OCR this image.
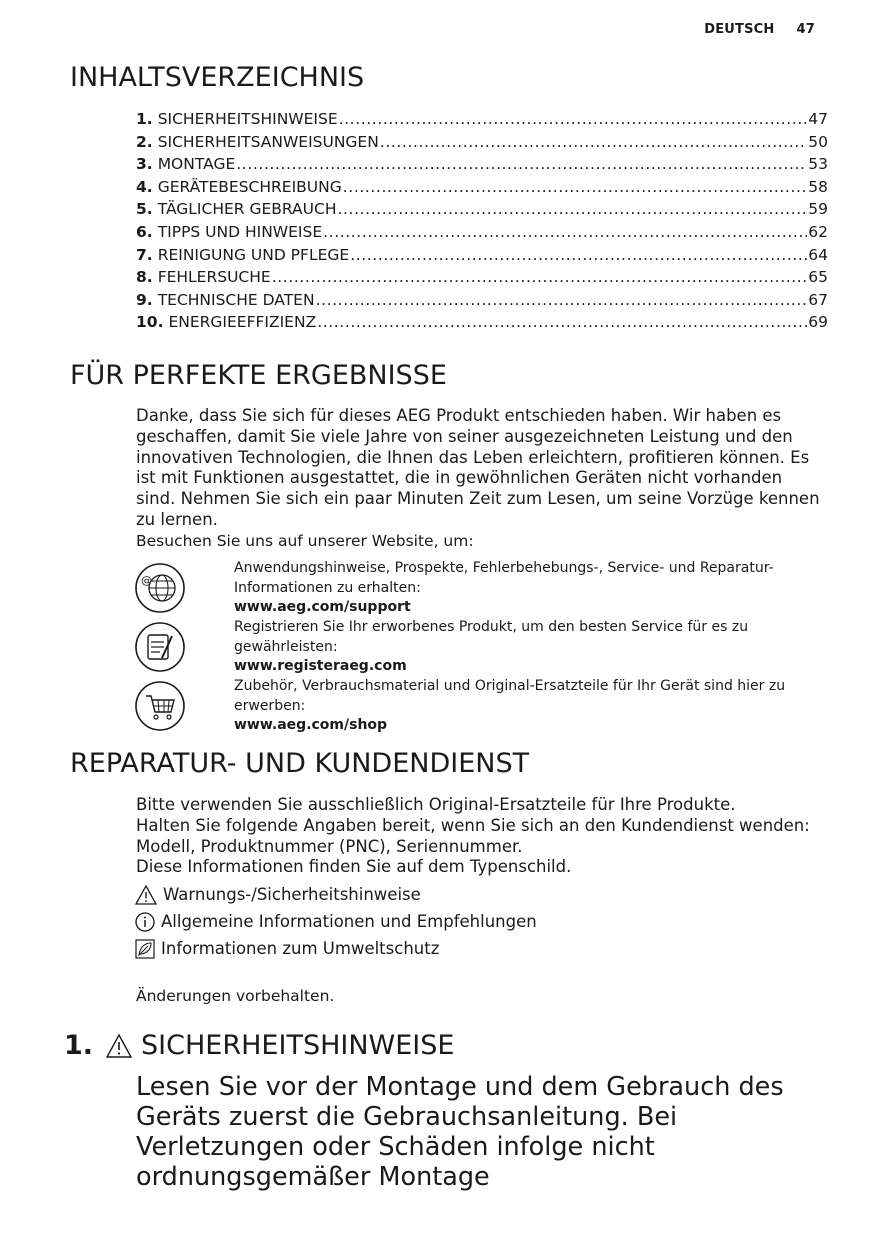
DEUTSCH 47
INHALTSVERZEICHNIS
1. SICHERHEITSHINWEISE .....	47
2. SICHERHEITSANWEISUNGEN .....	50
3. MONTAGE .....	53
4. GERÄTEBESCHREIBUNG .....	58
5. TÄGLICHER GEBRAUCH .....	59
6. TIPPS UND HINWEISE .....	62
7. REINIGUNG UND PFLEGE .....	64
8. FEHLERSUCHE .....	65
9. TECHNISCHE DATEN .....	67
10. ENERGIEEFFIZIENZ .....	69
FÜR PERFEKTE ERGEBNISSE

Danke, dass Sie sich für dieses AEG Produkt entschieden haben. Wir haben es geschaffen, damit Sie viele Jahre von seiner ausgezeichneten Leistung und den innovativen Technologien, die Ihnen das Leben erleichtern, profitieren können. Es ist mit Funktionen ausgestattet, die in gewöhnlichen Geräten nicht vorhanden sind. Nehmen Sie sich ein paar Minuten Zeit zum Lesen, um seine Vorzüge kennen zu lernen.

Besuchen Sie uns auf unserer Website, um:

@
Anwendungshinweise, Prospekte, Fehlerbehebungs-, Service- und Reparatur-Informationen zu erhalten:
www.aeg.com/support
Registrieren Sie Ihr erworbenes Produkt, um den besten Service für es zu gewährleisten:
www.registeraeg.com
Zubehör, Verbrauchsmaterial und Original-Ersatzteile für Ihr Gerät sind hier zu erwerben:
www.aeg.com/shop
REPARATUR- UND KUNDENDIENST

Bitte verwenden Sie ausschließlich Original-Ersatzteile für Ihre Produkte.

Halten Sie folgende Angaben bereit, wenn Sie sich an den Kundendienst wenden: Modell, Produktnummer (PNC), Seriennummer.

Diese Informationen finden Sie auf dem Typenschild.

Warnungs-/Sicherheitshinweise
Allgemeine Informationen und Empfehlungen
Informationen zum Umweltschutz
Änderungen vorbehalten.
1. SICHERHEITSHINWEISE
Lesen Sie vor der Montage und dem Gebrauch des Geräts zuerst die Gebrauchsanleitung. Bei Verletzungen oder Schäden infolge nicht ordnungsgemäßer Montage
